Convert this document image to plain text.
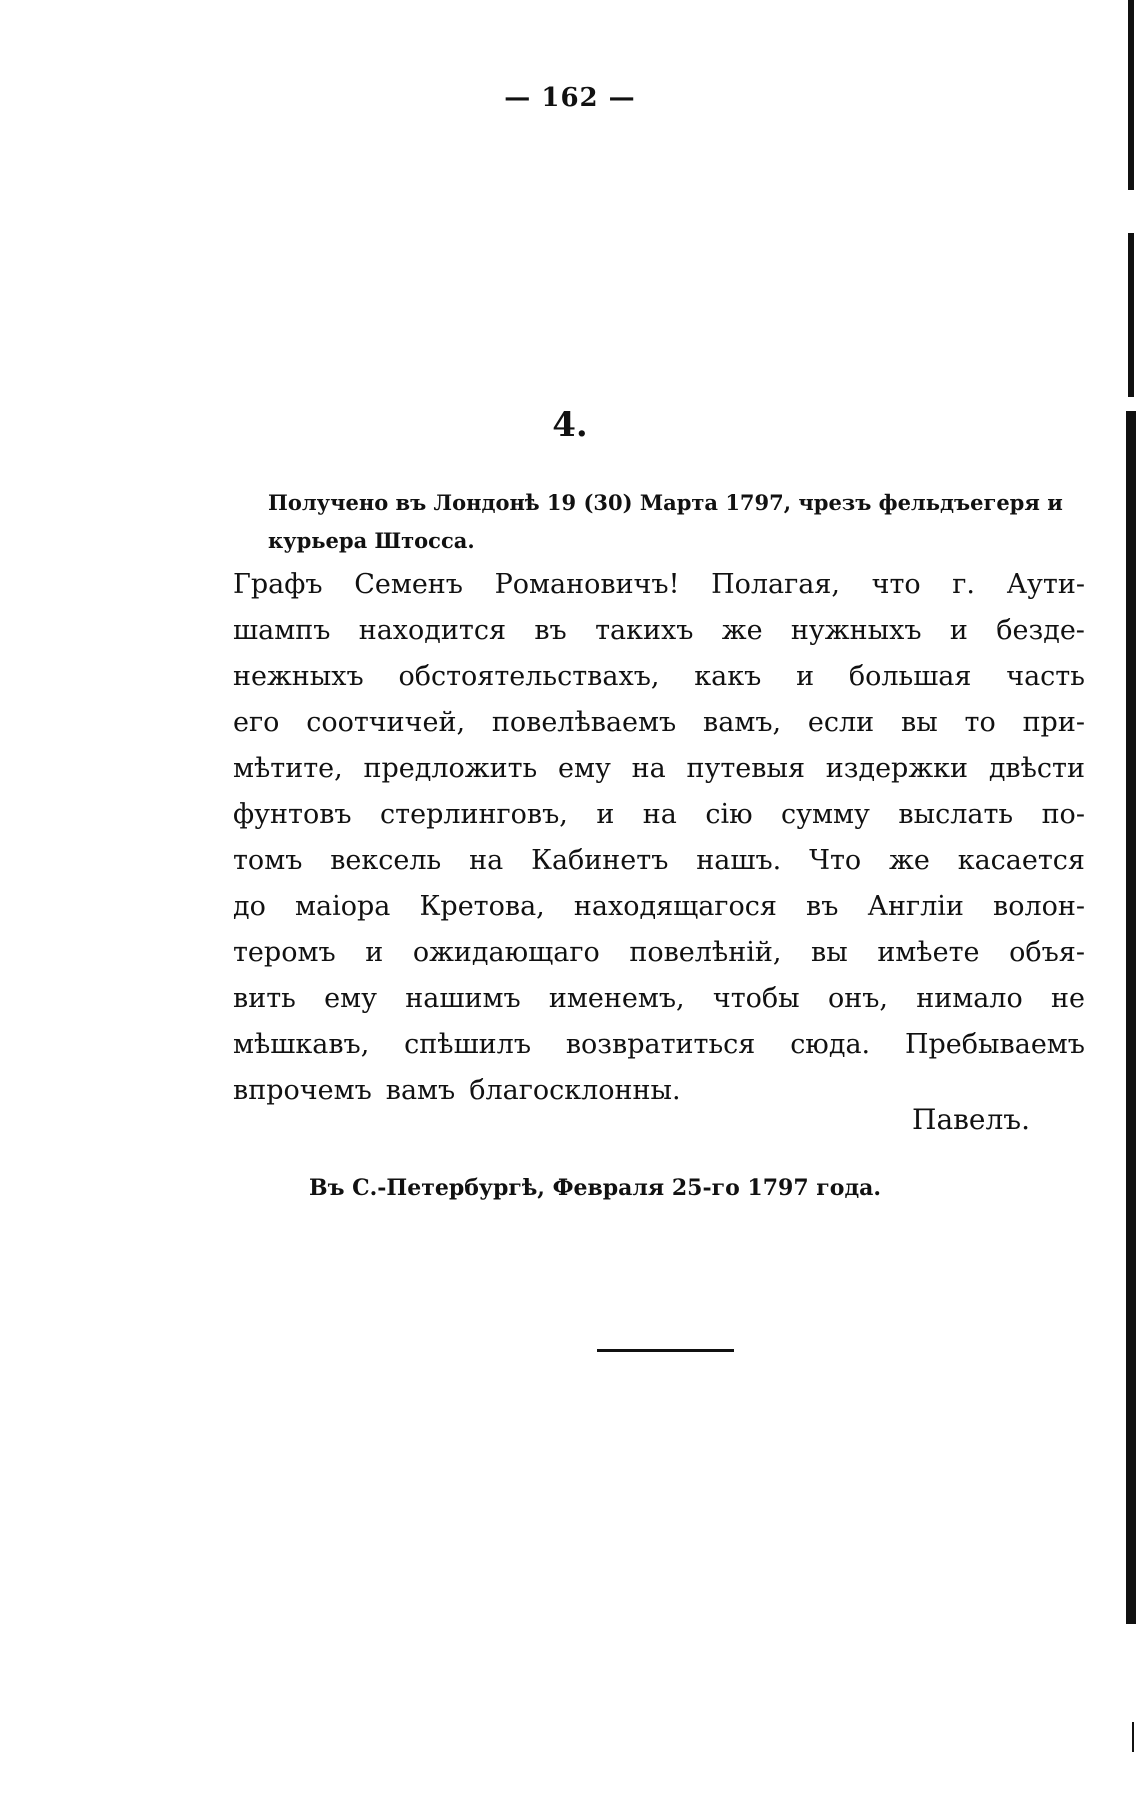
— 162 —
4.
Получено въ Лондонѣ 19 (30) Марта 1797, чрезъ фельдъегеря и курьера Штосса.
Графъ Семенъ Романовичъ! Полагая, что г. Аути-
шампъ находится въ такихъ же нужныхъ и безде-
нежныхъ обстоятельствахъ, какъ и большая часть
его соотчичей, повелѣваемъ вамъ, если вы то при-
мѣтите, предложить ему на путевыя издержки двѣсти
фунтовъ стерлинговъ, и на сію сумму выслать по-
томъ вексель на Кабинетъ нашъ. Что же касается
до маіора Кретова, находящагося въ Англіи волон-
теромъ и ожидающаго повелѣній, вы имѣете объя-
вить ему нашимъ именемъ, чтобы онъ, нимало не
мѣшкавъ, спѣшилъ возвратиться сюда. Пребываемъ
впрочемъ вамъ благосклонны.
Павелъ.
Въ С.-Петербургѣ, Февраля 25-го 1797 года.
